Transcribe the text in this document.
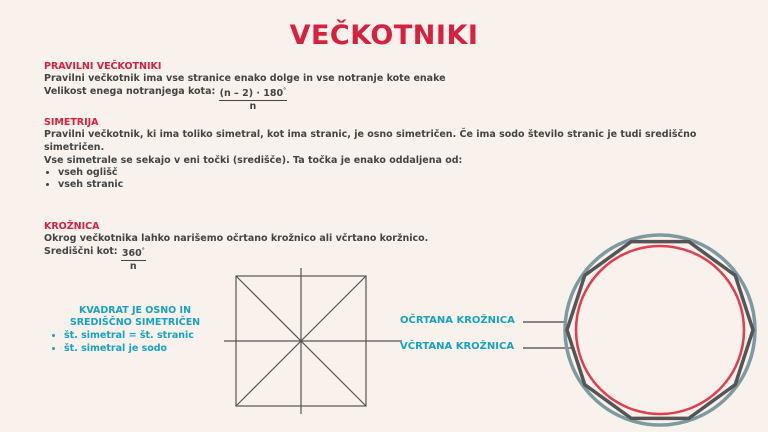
VEČKOTNIKI
PRAVILNI VEČKOTNIKI
Pravilni večkotnik ima vse stranice enako dolge in vse notranje kote enake
Velikost enega notranjega kota: $\frac{(n - 2) \cdot 180^\circ}{n}$
SIMETRIJA
Pravilni večkotnik, ki ima toliko simetral, kot ima stranic, je osno simetričen. Če ima sodo število stranic je tudi središčno
simetričen.
Vse simetrale se sekajo v eni točki (središče). Ta točka je enako oddaljena od:
• vseh oglišč
• vseh stranic
KROŽNICA
Okrog večkotnika lahko narišemo očrtano krožnico ali včrtano koržnico.
Središčni kot: $\frac{360^\circ}{n}$
KVADRAT JE OSNO IN
SREDIŠČNO SIMETRIČEN
• št. simetral = št. stranic
• št. simetral je sodo
OČRTANA KROŽNICA
VČRTANA KROŽNICA
